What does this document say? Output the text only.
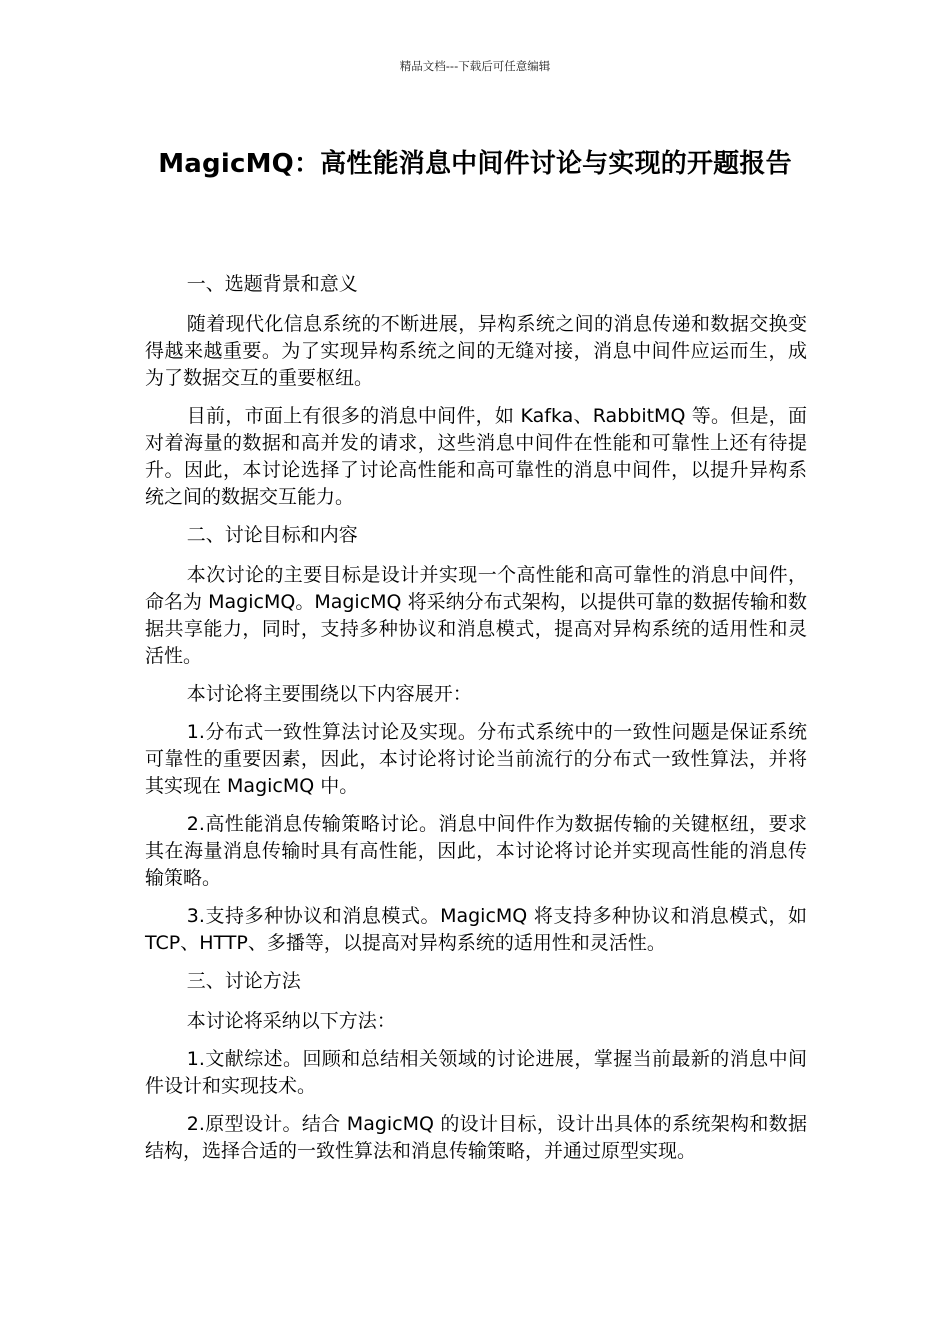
精品文档---下载后可任意编辑
MagicMQ：高性能消息中间件讨论与实现的开题报告

一、选题背景和意义

随着现代化信息系统的不断进展，异构系统之间的消息传递和数据交换变得越来越重要。为了实现异构系统之间的无缝对接，消息中间件应运而生，成为了数据交互的重要枢纽。

目前，市面上有很多的消息中间件，如 Kafka、RabbitMQ 等。但是，面对着海量的数据和高并发的请求，这些消息中间件在性能和可靠性上还有待提升。因此，本讨论选择了讨论高性能和高可靠性的消息中间件，以提升异构系统之间的数据交互能力。

二、讨论目标和内容

本次讨论的主要目标是设计并实现一个高性能和高可靠性的消息中间件，命名为 MagicMQ。MagicMQ 将采纳分布式架构，以提供可靠的数据传输和数据共享能力，同时，支持多种协议和消息模式，提高对异构系统的适用性和灵活性。

本讨论将主要围绕以下内容展开：

1.分布式一致性算法讨论及实现。分布式系统中的一致性问题是保证系统可靠性的重要因素，因此，本讨论将讨论当前流行的分布式一致性算法，并将其实现在 MagicMQ 中。

2.高性能消息传输策略讨论。消息中间件作为数据传输的关键枢纽，要求其在海量消息传输时具有高性能，因此，本讨论将讨论并实现高性能的消息传输策略。

3.支持多种协议和消息模式。MagicMQ 将支持多种协议和消息模式，如 TCP、HTTP、多播等，以提高对异构系统的适用性和灵活性。

三、讨论方法

本讨论将采纳以下方法：

1.文献综述。回顾和总结相关领域的讨论进展，掌握当前最新的消息中间件设计和实现技术。

2.原型设计。结合 MagicMQ 的设计目标，设计出具体的系统架构和数据结构，选择合适的一致性算法和消息传输策略，并通过原型实现。
